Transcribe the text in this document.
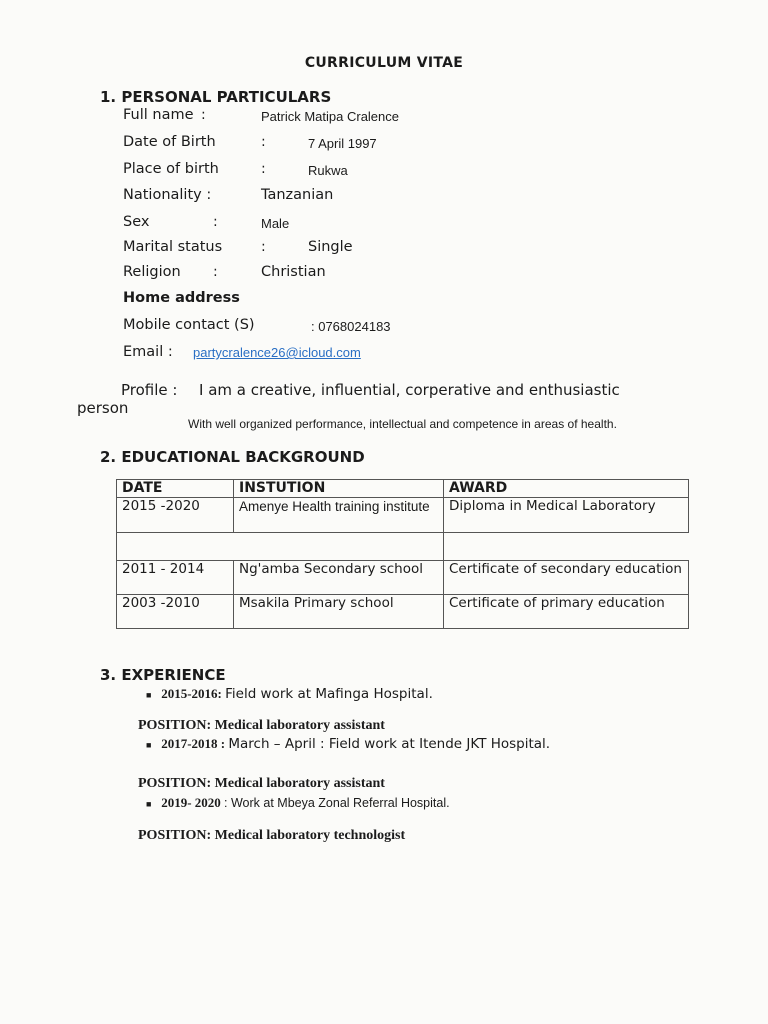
CURRICULUM VITAE
1. PERSONAL PARTICULARS
Full name :	Patrick Matipa Cralence
Date of Birth	:	7 April 1997
Place of birth	:	Rukwa
Nationality :	Tanzanian
Sex	:	Male
Marital status	:	Single
Religion :	Christian
Home address
Mobile contact (S)	: 0768024183
Email : partycralence26@icloud.com
Profile : I am a creative, influential, corperative and enthusiastic
person
With well organized performance, intellectual and competence in areas of health.
2. EDUCATIONAL BACKGROUND
DATE	INSTUTION	AWARD
2015 -2020	Amenye Health training institute	Diploma in Medical Laboratory

2011 - 2014	Ng'amba Secondary school	Certificate of secondary education
2003 -2010	Msakila Primary school	Certificate of primary education
3. EXPERIENCE
■ 2015-2016: Field work at Mafinga Hospital.
POSITION: Medical laboratory assistant
■ 2017-2018 : March – April : Field work at Itende JKT Hospital.
POSITION: Medical laboratory assistant
■ 2019- 2020 : Work at Mbeya Zonal Referral Hospital.
POSITION: Medical laboratory technologist
